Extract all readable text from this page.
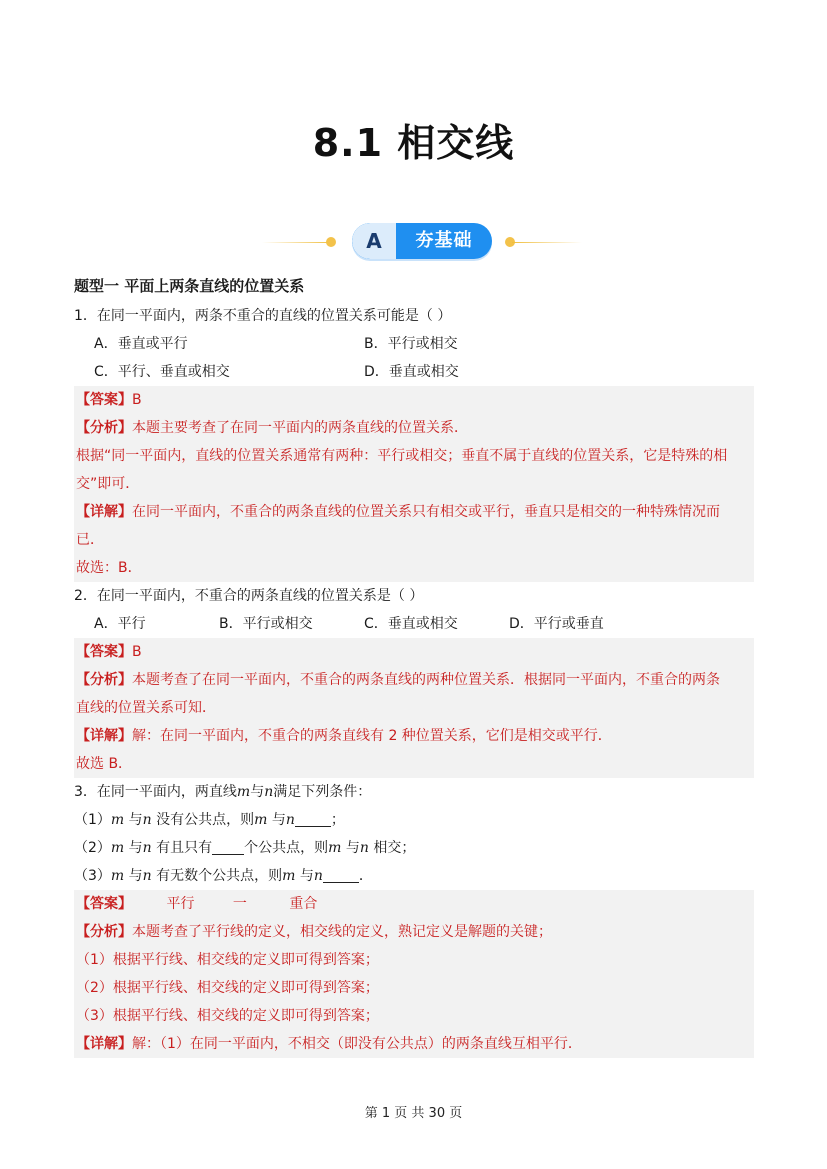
8.1 相交线
A	夯基础
题型一 平面上两条直线的位置关系
1．在同一平面内，两条不重合的直线的位置关系可能是（ ）
A．垂直或平行	B．平行或相交
C．平行、垂直或相交	D．垂直或相交
【答案】B
【分析】本题主要考查了在同一平面内的两条直线的位置关系．
根据“同一平面内，直线的位置关系通常有两种：平行或相交；垂直不属于直线的位置关系，它是特殊的相
交”即可．
【详解】在同一平面内，不重合的两条直线的位置关系只有相交或平行，垂直只是相交的一种特殊情况而
已．
故选：B．
2．在同一平面内，不重合的两条直线的位置关系是（ ）
A．平行	B．平行或相交	C．垂直或相交	D．平行或垂直
【答案】B
【分析】本题考查了在同一平面内，不重合的两条直线的两种位置关系．根据同一平面内，不重合的两条
直线的位置关系可知．
【详解】解：在同一平面内，不重合的两条直线有 2 种位置关系，它们是相交或平行．
故选 B．
3．在同一平面内，两直线m与n满足下列条件：
（1）m 与n 没有公共点，则m 与n	；
（2）m 与n 有且只有 个公共点，则m 与n 相交；
（3）m 与n 有无数个公共点，则m 与n	．
【答案】 平行	一	重合
【分析】本题考查了平行线的定义，相交线的定义，熟记定义是解题的关键；
（1）根据平行线、相交线的定义即可得到答案；
（2）根据平行线、相交线的定义即可得到答案；
（3）根据平行线、相交线的定义即可得到答案；
【详解】解：（1）在同一平面内，不相交（即没有公共点）的两条直线互相平行．
第 1 页 共 30 页
